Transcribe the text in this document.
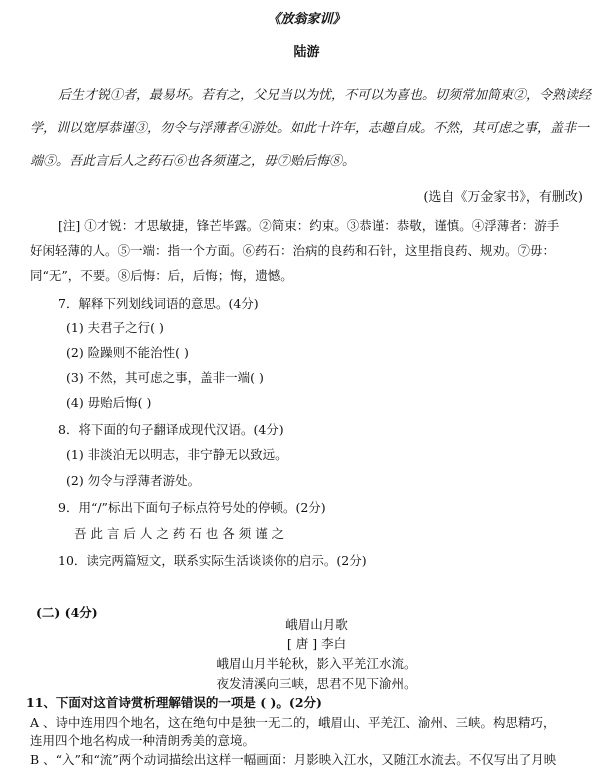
《放翁家训》
陆游
后生才锐①者，最易坏。若有之，父兄当以为忧，不可以为喜也。切须常加简束②，令熟读经
学，训以宽厚恭谨③，勿令与浮薄者④游处。如此十许年，志趣自成。不然，其可虑之事，盖非一
端⑤。吾此言后人之药石⑥也各须谨之，毋⑦贻后悔⑧。
(选自《万金家书》，有删改)
[注] ①才锐：才思敏捷，锋芒毕露。②简束：约束。③恭谨：恭敬，谨慎。④浮薄者：游手
好闲轻薄的人。⑤一端：指一个方面。⑥药石：治病的良药和石针，这里指良药、规劝。⑦毋：
同“无”，不要。⑧后悔：后，后悔；悔，遗憾。
7．解释下列划线词语的意思。(4分)
(1) 夫君子之行( )
(2) 险躁则不能治性( )
(3) 不然，其可虑之事，盖非一端( )
(4) 毋贻后悔( )
8．将下面的句子翻译成现代汉语。(4分)
(1) 非淡泊无以明志，非宁静无以致远。
(2) 勿令与浮薄者游处。
9．用“/”标出下面句子标点符号处的停顿。(2分)
吾 此 言 后 人 之 药 石 也 各 须 谨 之
10．读完两篇短文，联系实际生活谈谈你的启示。(2分)
(二) (4分)
峨眉山月歌
[ 唐 ] 李白
峨眉山月半轮秋，影入平羌江水流。
夜发清溪向三峡，思君不见下渝州。
11、下面对这首诗赏析理解错误的一项是 ( )。(2分)
A 、诗中连用四个地名，这在绝句中是独一无二的，峨眉山、平羌江、渝州、三峡。构思精巧，
连用四个地名构成一种清朗秀美的意境。
B 、“入”和“流”两个动词描绘出这样一幅画面：月影映入江水，又随江水流去。不仅写出了月映
